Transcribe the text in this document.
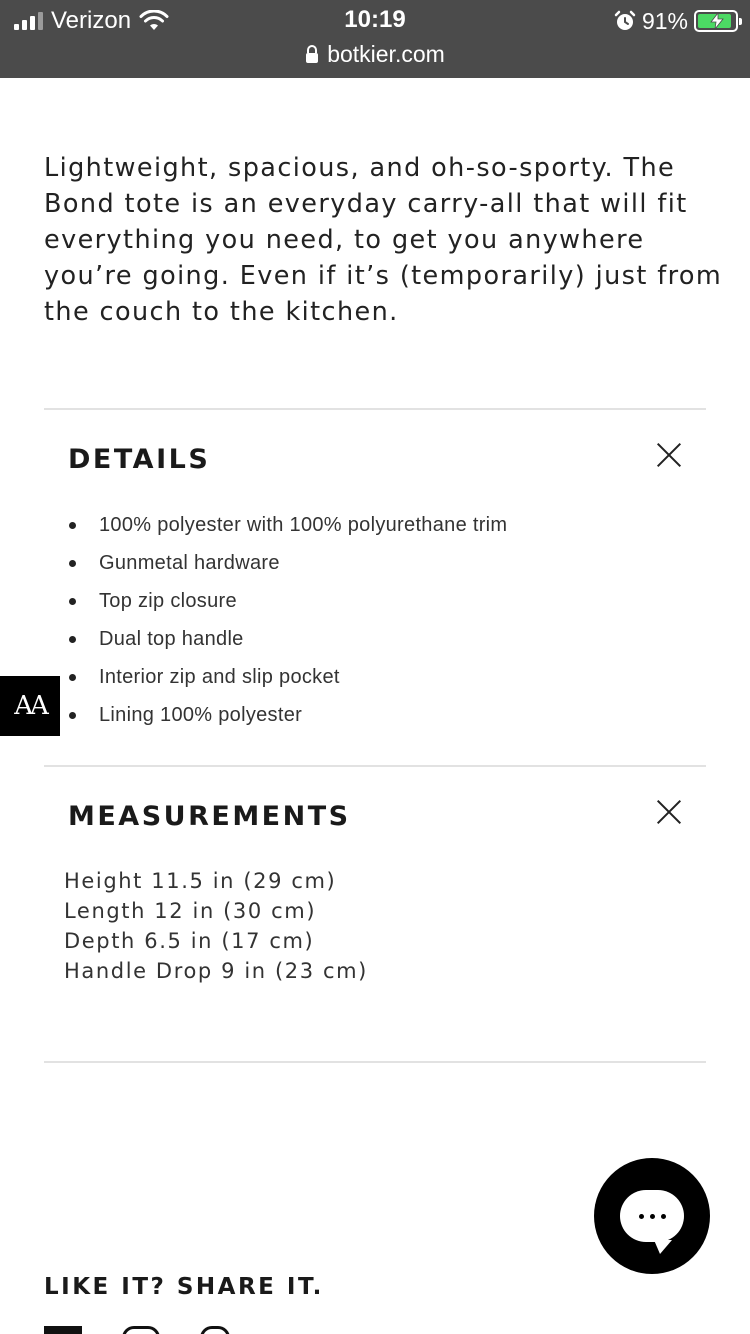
Verizon	10:19	91%
botkier.com

Lightweight, spacious, and oh-so-sporty. The Bond tote is an everyday carry-all that will fit everything you need, to get you anywhere you’re going. Even if it’s (temporarily) just from the couch to the kitchen.

DETAILS
100% polyester with 100% polyurethane trim
Gunmetal hardware
Top zip closure
Dual top handle
Interior zip and slip pocket
Lining 100% polyester
MEASUREMENTS
Height 11.5 in (29 cm)
Length 12 in (30 cm)
Depth 6.5 in (17 cm)
Handle Drop 9 in (23 cm)
LIKE IT? SHARE IT.
AA
